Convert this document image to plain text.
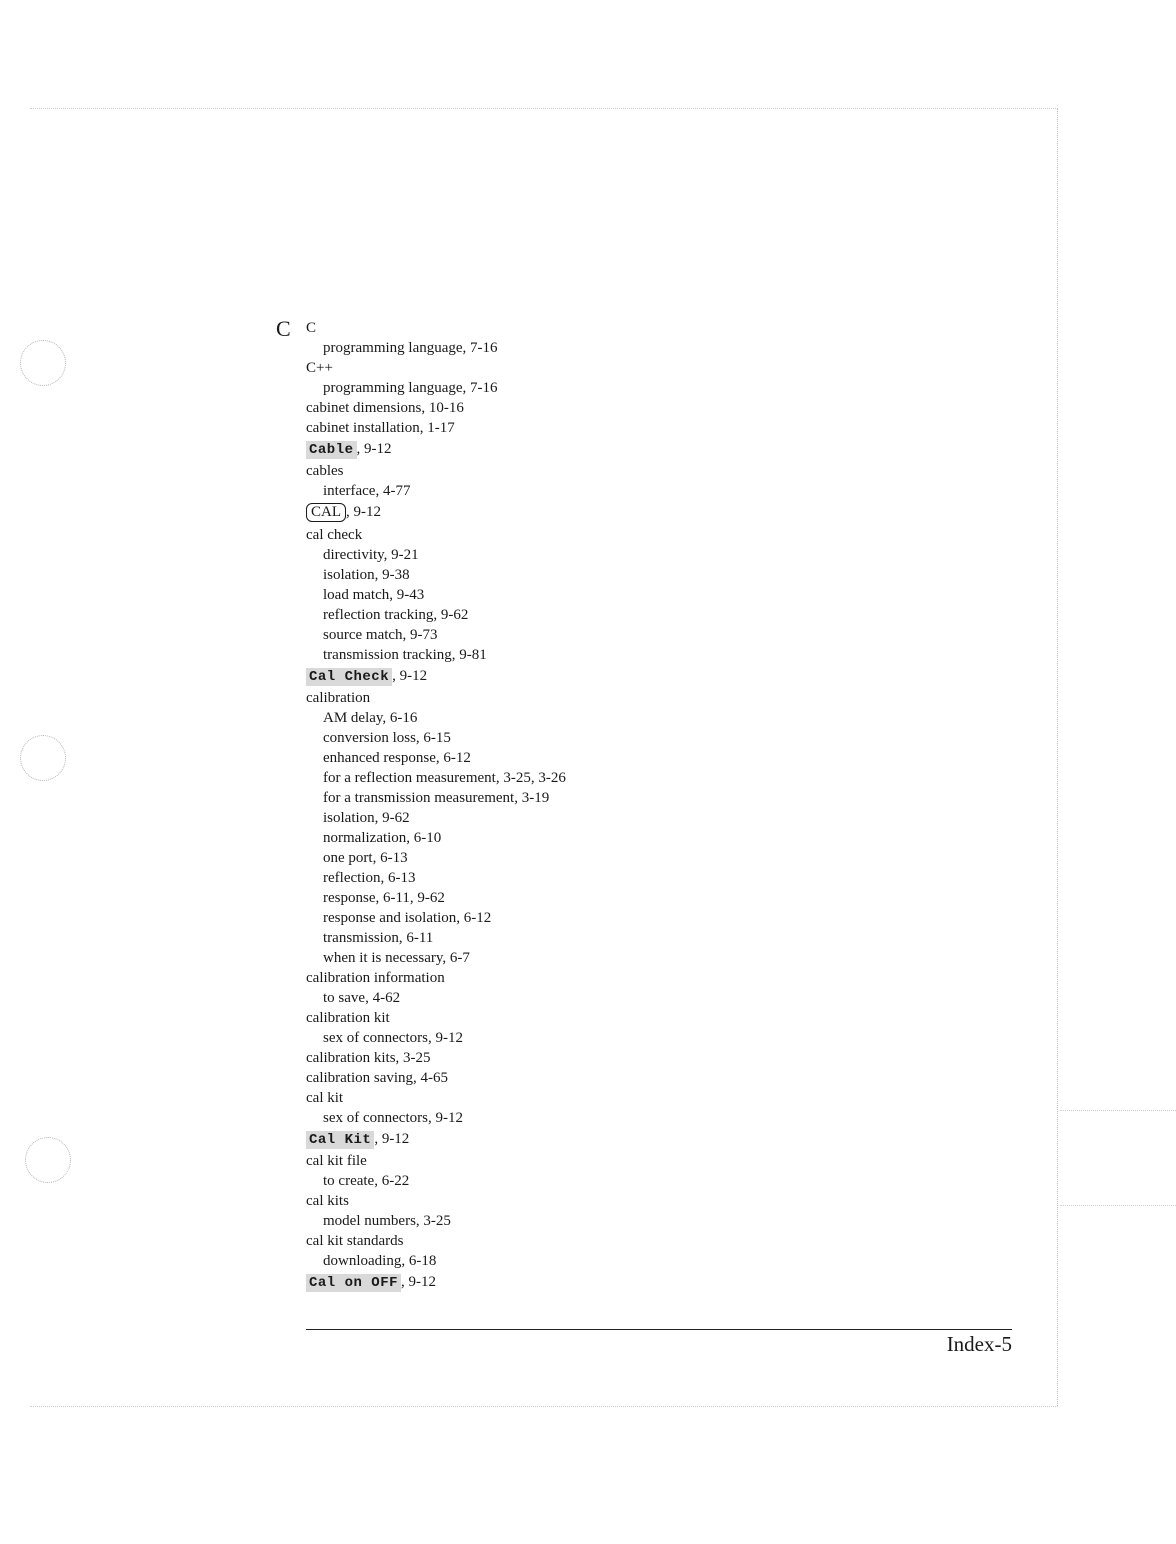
C C
programming language, 7-16
C++
programming language, 7-16
cabinet dimensions, 10-16
cabinet installation, 1-17
Cable , 9-12
cables
interface, 4-77
CAL , 9-12
cal check
directivity, 9-21
isolation, 9-38
load match, 9-43
reflection tracking, 9-62
source match, 9-73
transmission tracking, 9-81
Cal Check , 9-12
calibration
AM delay, 6-16
conversion loss, 6-15
enhanced response, 6-12
for a reflection measurement, 3-25, 3-26
for a transmission measurement, 3-19
isolation, 9-62
normalization, 6-10
one port, 6-13
reflection, 6-13
response, 6-11, 9-62
response and isolation, 6-12
transmission, 6-11
when it is necessary, 6-7
calibration information
to save, 4-62
calibration kit
sex of connectors, 9-12
calibration kits, 3-25
calibration saving, 4-65
cal kit
sex of connectors, 9-12
Cal Kit , 9-12
cal kit file
to create, 6-22
cal kits
model numbers, 3-25
cal kit standards
downloading, 6-18
Cal on OFF , 9-12
Index-5
